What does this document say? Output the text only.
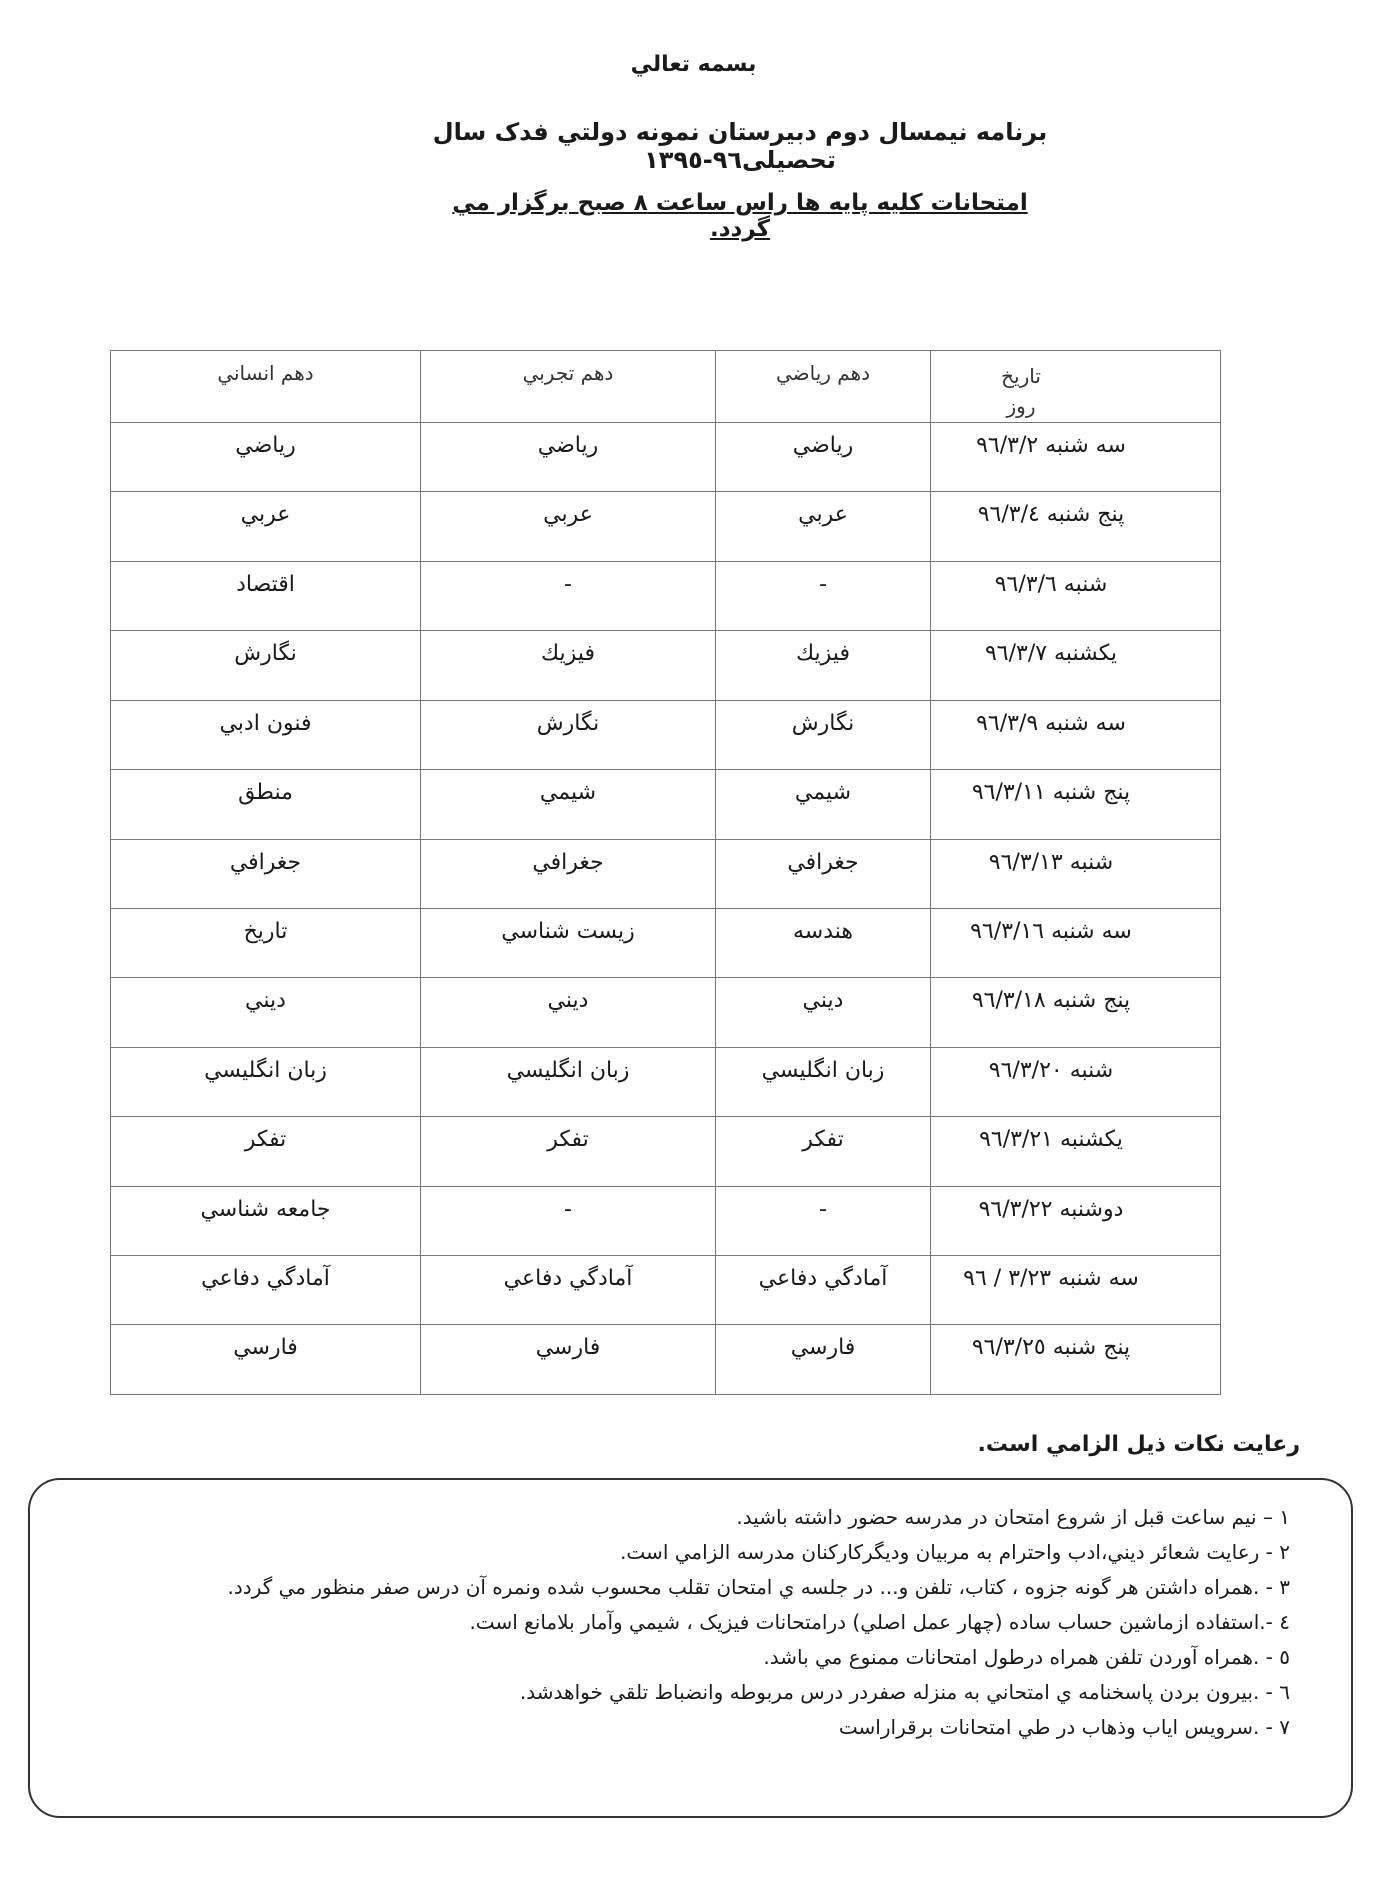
بسمه تعالي
برنامه نيمسال دوم دبيرستان نمونه دولتي فدک سال تحصيلی٩٦-١٣٩٥
امتحانات کليه پايه ها راس ساعت ٨ صبح برگزار مي گردد.
تاريخ
روز	دهم رياضي	دهم تجربي	دهم انساني
سه شنبه ٩٦/٣/٢	رياضي	رياضي	رياضي
پنج شنبه ٩٦/٣/٤	عربي	عربي	عربي
شنبه ٩٦/٣/٦	-	-	اقتصاد
يکشنبه ٩٦/٣/٧	فيزيك	فيزيك	نگارش
سه شنبه ٩٦/٣/٩	نگارش	نگارش	فنون ادبي
پنج شنبه ٩٦/٣/١١	شيمي	شيمي	منطق
شنبه ٩٦/٣/١٣	جغرافي	جغرافي	جغرافي
سه شنبه ٩٦/٣/١٦	هندسه	زيست شناسي	تاريخ
پنج شنبه ٩٦/٣/١٨	ديني	ديني	ديني
شنبه ٩٦/٣/٢٠	زبان انگليسي	زبان انگليسي	زبان انگليسي
يکشنبه ٩٦/٣/٢١	تفكر	تفكر	تفكر
دوشنبه ٩٦/٣/٢٢	-	-	جامعه شناسي
سه شنبه ٣/٢٣ / ٩٦	آمادگي دفاعي	آمادگي دفاعي	آمادگي دفاعي
پنج شنبه ٩٦/٣/٢٥	فارسي	فارسي	فارسي
رعايت نكات ذيل الزامي است.
١ – نيم ساعت قبل از شروع امتحان در مدرسه حضور داشته باشيد.
٢ - رعايت شعائر ديني،ادب واحترام به مربيان وديگركاركنان مدرسه الزامي است.
٣ - .همراه داشتن هر گونه جزوه ، كتاب، تلفن و... در جلسه ي امتحان تقلب محسوب شده ونمره آن درس صفر منظور مي گردد.
٤ -.استفاده ازماشين حساب ساده (چهار عمل اصلي) درامتحانات فيزيک ، شيمي وآمار بلامانع است.
٥ - .همراه آوردن تلفن همراه درطول امتحانات ممنوع مي باشد.
٦ - .بيرون بردن پاسخنامه ي امتحاني به منزله صفردر درس مربوطه وانضباط تلقي خواهدشد.
٧ - .سرويس اياب وذهاب در طي امتحانات برقراراست
